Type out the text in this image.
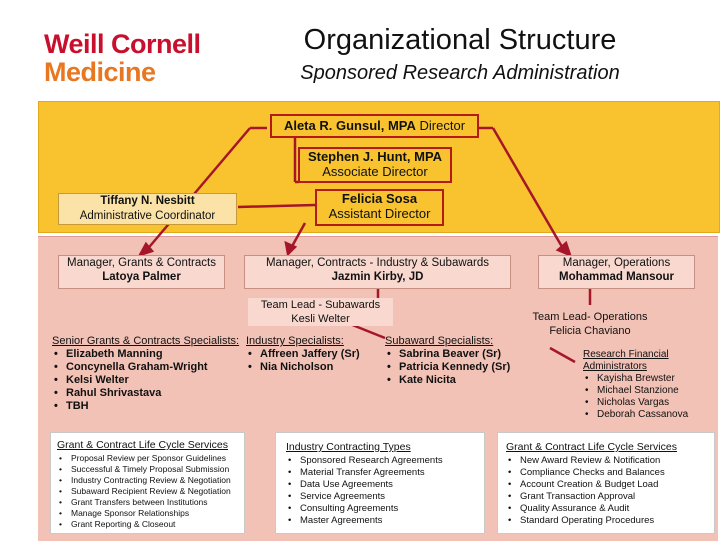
Weill Cornell
Medicine
Organizational Structure
Sponsored Research Administration
Aleta R. Gunsul, MPA Director
Stephen J. Hunt, MPA
Associate Director
Felicia Sosa
Assistant Director
Tiffany N. Nesbitt
Administrative Coordinator
Manager, Grants & Contracts
Latoya Palmer
Manager, Contracts - Industry & Subawards
Jazmin Kirby, JD
Manager, Operations
Mohammad Mansour
Team Lead - Subawards
Kesli Welter	Team Lead- Operations
Felicia Chaviano
Senior Grants & Contracts Specialists:
• Elizabeth Manning
• Concynella Graham-Wright
• Kelsi Welter
• Rahul Shrivastava
• TBH
Industry Specialists:
• Affreen Jaffery (Sr)
• Nia Nicholson
Subaward Specialists:
• Sabrina Beaver (Sr)
• Patricia Kennedy (Sr)
• Kate Nicita
Research Financial
Administrators
• Kayisha Brewster
• Michael Stanzione
• Nicholas Vargas
• Deborah Cassanova
Grant & Contract Life Cycle Services
• Proposal Review per Sponsor Guidelines
• Successful & Timely Proposal Submission
• Industry Contracting Review & Negotiation
• Subaward Recipient Review & Negotiation
• Grant Transfers between Institutions
• Manage Sponsor Relationships
• Grant Reporting & Closeout
Industry Contracting Types
• Sponsored Research Agreements
• Material Transfer Agreements
• Data Use Agreements
• Service Agreements
• Consulting Agreements
• Master Agreements
Grant & Contract Life Cycle Services
• New Award Review & Notification
• Compliance Checks and Balances
• Account Creation & Budget Load
• Grant Transaction Approval
• Quality Assurance & Audit
• Standard Operating Procedures
